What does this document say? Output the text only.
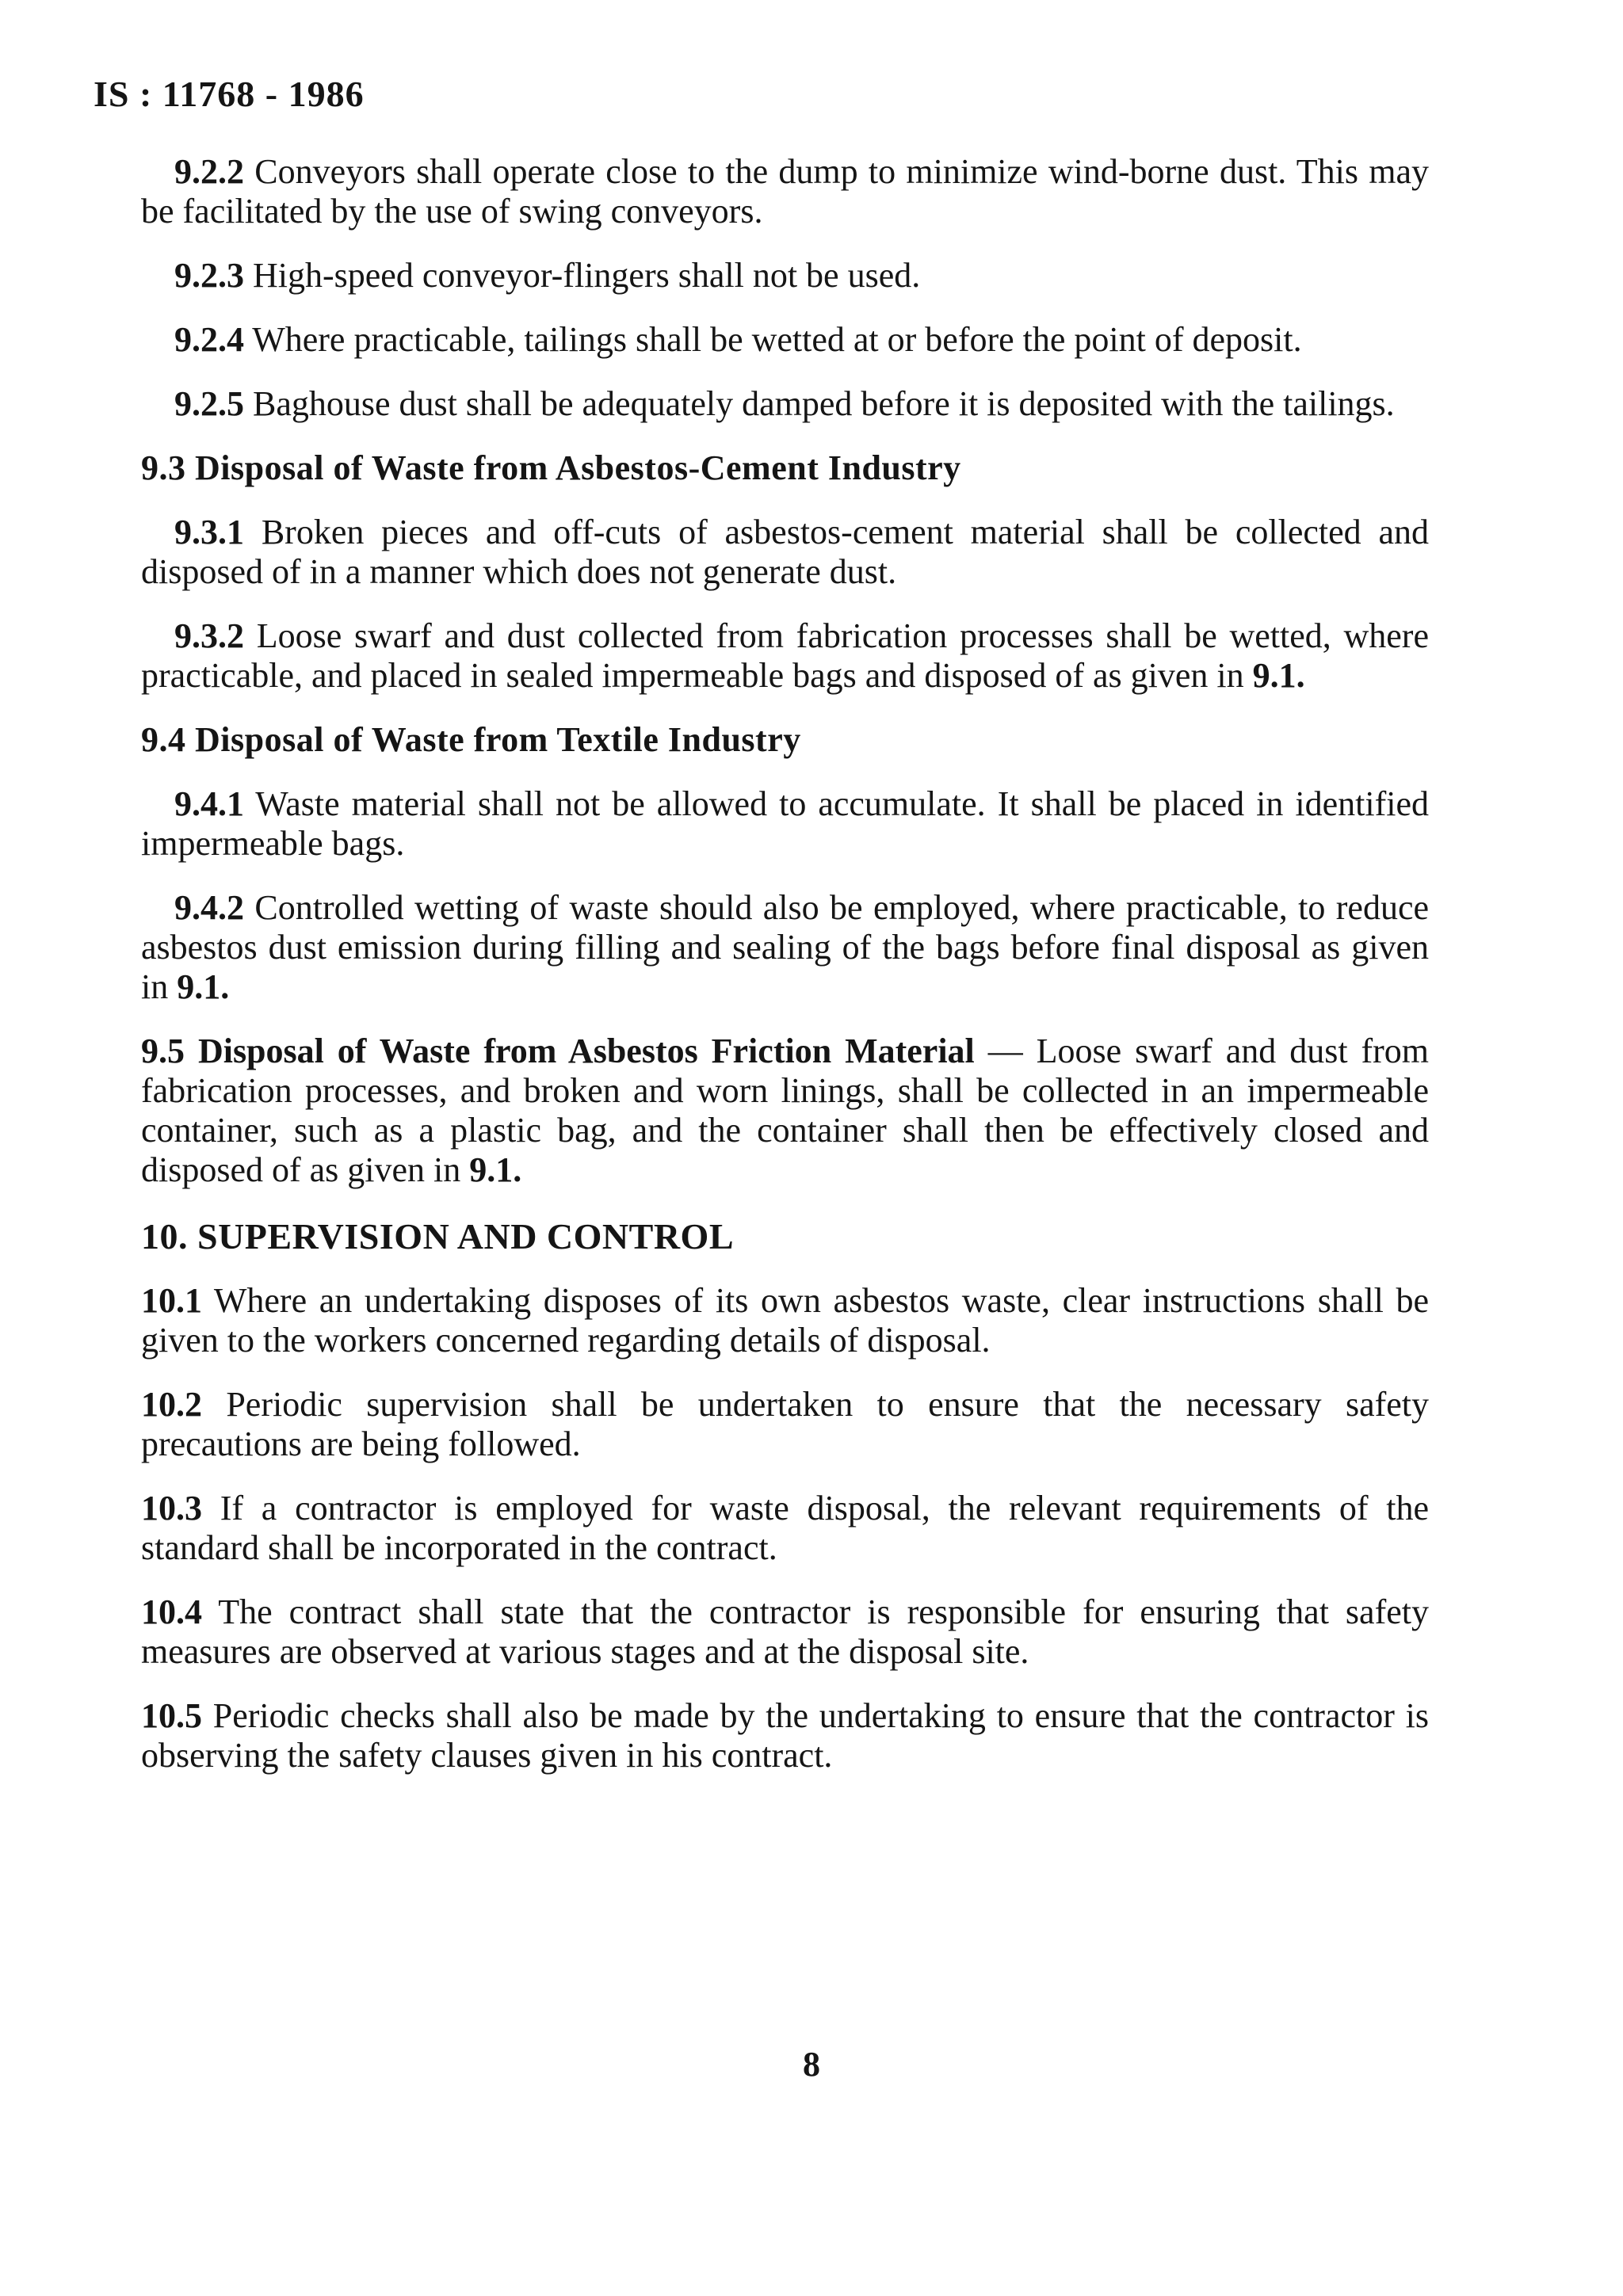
IS : 11768 - 1986

9.2.2 Conveyors shall operate close to the dump to minimize wind-borne dust. This may be facilitated by the use of swing conveyors.

9.2.3 High-speed conveyor-flingers shall not be used.

9.2.4 Where practicable, tailings shall be wetted at or before the point of deposit.

9.2.5 Baghouse dust shall be adequately damped before it is deposited with the tailings.

9.3 Disposal of Waste from Asbestos-Cement Industry

9.3.1 Broken pieces and off-cuts of asbestos-cement material shall be collected and disposed of in a manner which does not generate dust.

9.3.2 Loose swarf and dust collected from fabrication processes shall be wetted, where practicable, and placed in sealed impermeable bags and disposed of as given in 9.1.

9.4 Disposal of Waste from Textile Industry

9.4.1 Waste material shall not be allowed to accumulate. It shall be placed in identified impermeable bags.

9.4.2 Controlled wetting of waste should also be employed, where practicable, to reduce asbestos dust emission during filling and sealing of the bags before final disposal as given in 9.1.

9.5 Disposal of Waste from Asbestos Friction Material — Loose swarf and dust from fabrication processes, and broken and worn linings, shall be collected in an impermeable container, such as a plastic bag, and the container shall then be effectively closed and disposed of as given in 9.1.

10. SUPERVISION AND CONTROL

10.1 Where an undertaking disposes of its own asbestos waste, clear instructions shall be given to the workers concerned regarding details of disposal.

10.2 Periodic supervision shall be undertaken to ensure that the necessary safety precautions are being followed.

10.3 If a contractor is employed for waste disposal, the relevant requirements of the standard shall be incorporated in the contract.

10.4 The contract shall state that the contractor is responsible for ensuring that safety measures are observed at various stages and at the disposal site.

10.5 Periodic checks shall also be made by the undertaking to ensure that the contractor is observing the safety clauses given in his contract.

8
